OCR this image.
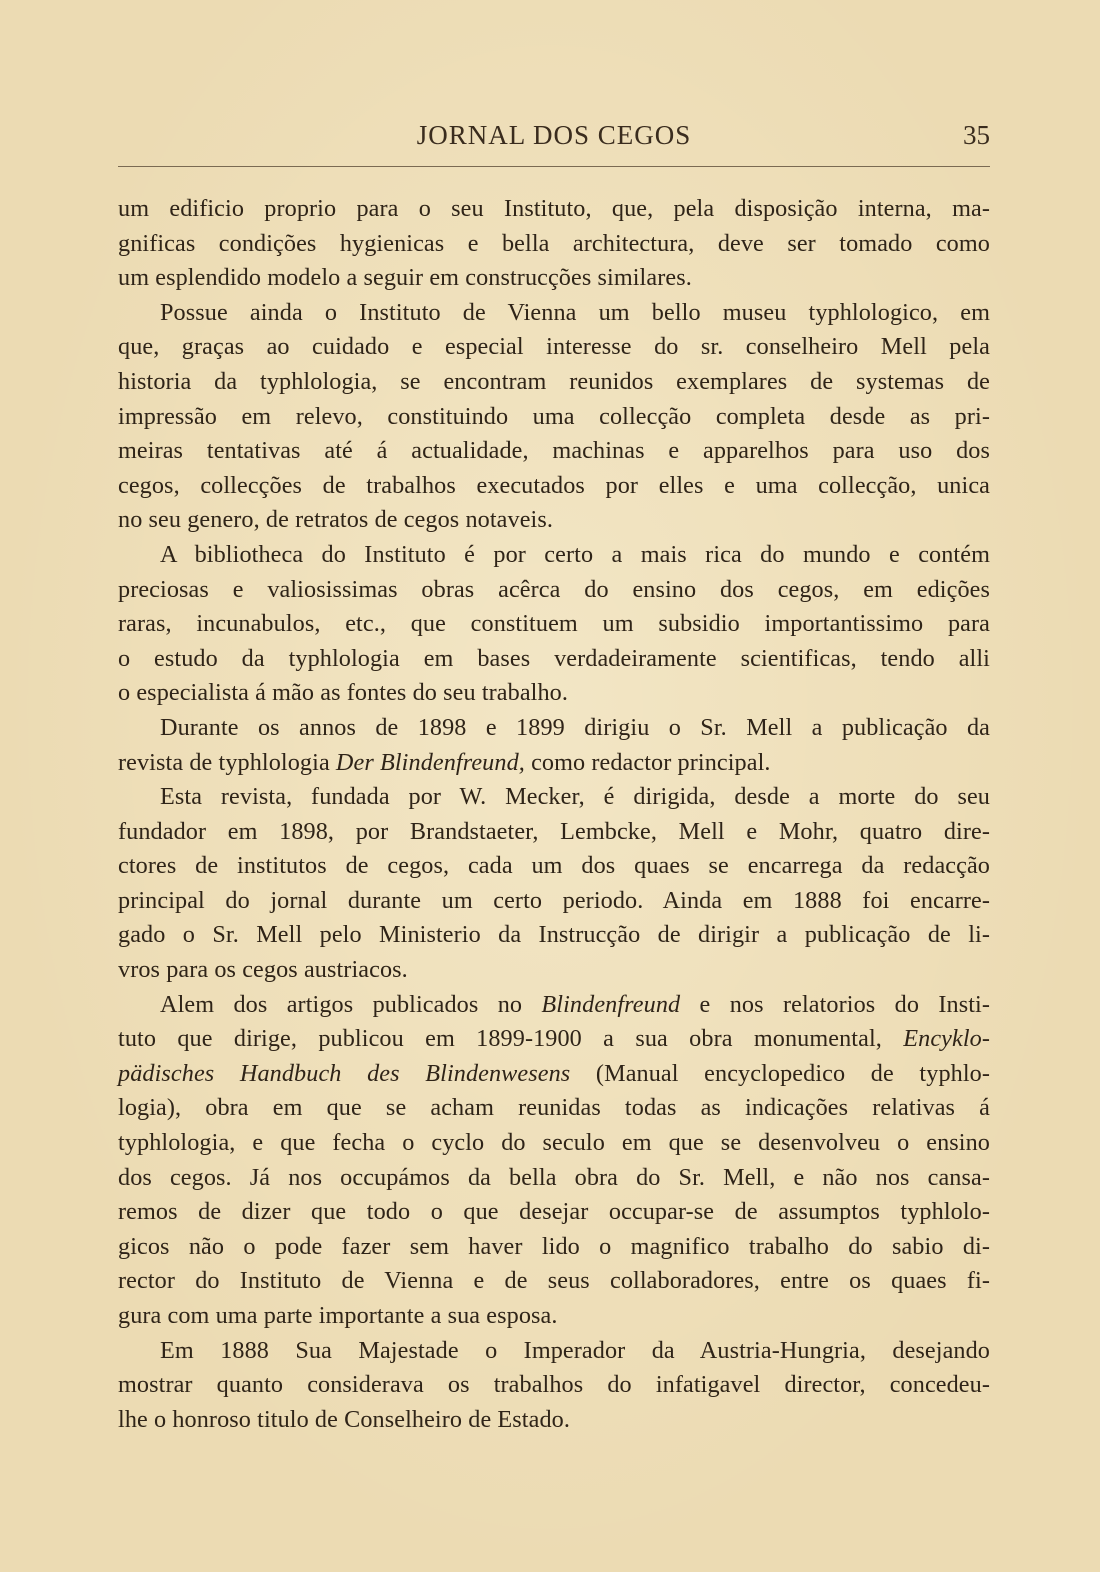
JORNAL DOS CEGOS	35
um edificio proprio para o seu Instituto, que, pela disposição interna, ma-
gnificas condições hygienicas e bella architectura, deve ser tomado como
um esplendido modelo a seguir em construcções similares.
Possue ainda o Instituto de Vienna um bello museu typhlologico, em
que, graças ao cuidado e especial interesse do sr. conselheiro Mell pela
historia da typhlologia, se encontram reunidos exemplares de systemas de
impressão em relevo, constituindo uma collecção completa desde as pri-
meiras tentativas até á actualidade, machinas e apparelhos para uso dos
cegos, collecções de trabalhos executados por elles e uma collecção, unica
no seu genero, de retratos de cegos notaveis.
A bibliotheca do Instituto é por certo a mais rica do mundo e contém
preciosas e valiosissimas obras acêrca do ensino dos cegos, em edições
raras, incunabulos, etc., que constituem um subsidio importantissimo para
o estudo da typhlologia em bases verdadeiramente scientificas, tendo alli
o especialista á mão as fontes do seu trabalho.
Durante os annos de 1898 e 1899 dirigiu o Sr. Mell a publicação da
revista de typhlologia Der Blindenfreund, como redactor principal.
Esta revista, fundada por W. Mecker, é dirigida, desde a morte do seu
fundador em 1898, por Brandstaeter, Lembcke, Mell e Mohr, quatro dire-
ctores de institutos de cegos, cada um dos quaes se encarrega da redacção
principal do jornal durante um certo periodo. Ainda em 1888 foi encarre-
gado o Sr. Mell pelo Ministerio da Instrucção de dirigir a publicação de li-
vros para os cegos austriacos.
Alem dos artigos publicados no Blindenfreund e nos relatorios do Insti-
tuto que dirige, publicou em 1899-1900 a sua obra monumental, Encyklo-
pädisches Handbuch des Blindenwesens (Manual encyclopedico de typhlo-
logia), obra em que se acham reunidas todas as indicações relativas á
typhlologia, e que fecha o cyclo do seculo em que se desenvolveu o ensino
dos cegos. Já nos occupámos da bella obra do Sr. Mell, e não nos cansa-
remos de dizer que todo o que desejar occupar-se de assumptos typhlolo-
gicos não o pode fazer sem haver lido o magnifico trabalho do sabio di-
rector do Instituto de Vienna e de seus collaboradores, entre os quaes fi-
gura com uma parte importante a sua esposa.
Em 1888 Sua Majestade o Imperador da Austria-Hungria, desejando
mostrar quanto considerava os trabalhos do infatigavel director, concedeu-
lhe o honroso titulo de Conselheiro de Estado.
